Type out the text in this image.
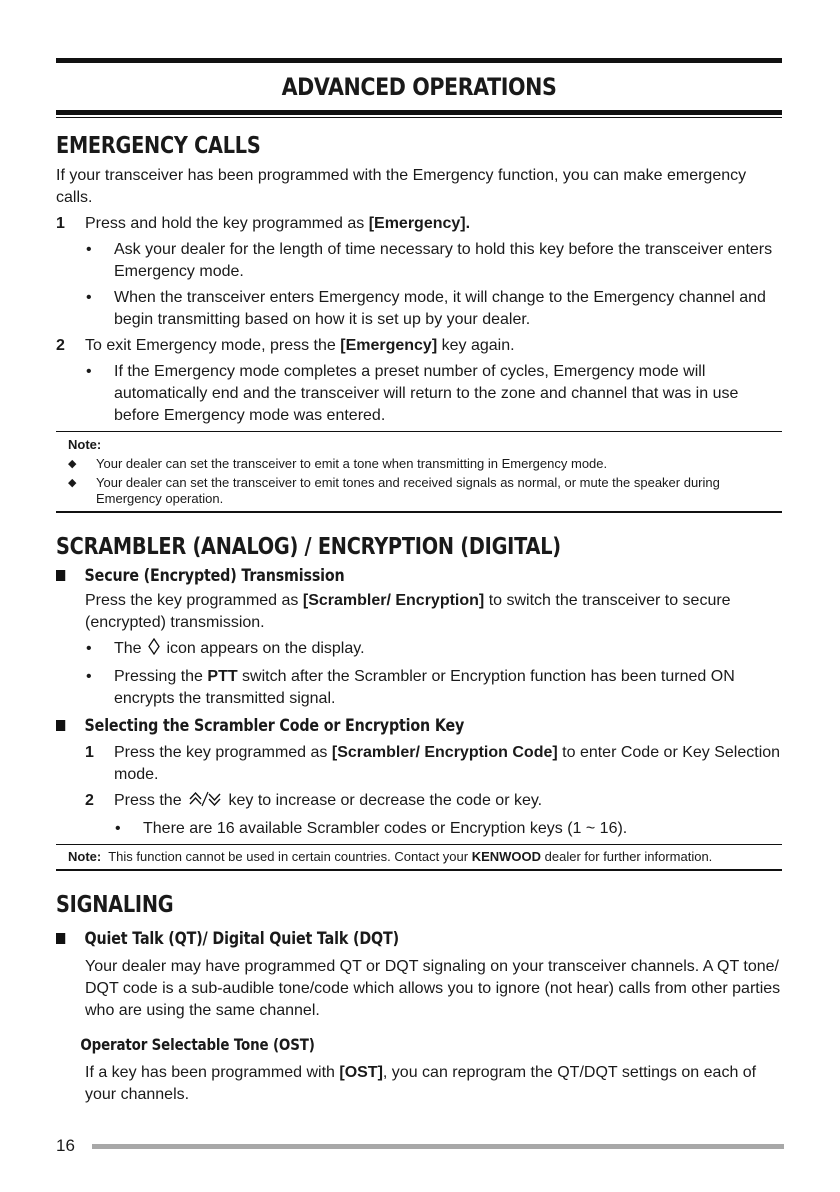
ADVANCED OPERATIONS
EMERGENCY CALLS

If your transceiver has been programmed with the Emergency function, you can make emergency calls.

1 Press and hold the key programmed as [Emergency].
• Ask your dealer for the length of time necessary to hold this key before the transceiver enters Emergency mode.
• When the transceiver enters Emergency mode, it will change to the Emergency channel and begin transmitting based on how it is set up by your dealer.
2 To exit Emergency mode, press the [Emergency] key again.
• If the Emergency mode completes a preset number of cycles, Emergency mode will automatically end and the transceiver will return to the zone and channel that was in use before Emergency mode was entered.
Note:
◆ Your dealer can set the transceiver to emit a tone when transmitting in Emergency mode.
◆ Your dealer can set the transceiver to emit tones and received signals as normal, or mute the speaker during Emergency operation.
SCRAMBLER (ANALOG) / ENCRYPTION (DIGITAL)
Secure (Encrypted) Transmission

Press the key programmed as [Scrambler/ Encryption] to switch the transceiver to secure (encrypted) transmission.

• The  icon appears on the display.
• Pressing the PTT switch after the Scrambler or Encryption function has been turned ON encrypts the transmitted signal.
Selecting the Scrambler Code or Encryption Key
1 Press the key programmed as [Scrambler/ Encryption Code] to enter Code or Key Selection mode.
2 Press the  key to increase or decrease the code or key.
• There are 16 available Scrambler codes or Encryption keys (1 ~ 16).
Note: This function cannot be used in certain countries. Contact your KENWOOD dealer for further information.
SIGNALING
Quiet Talk (QT)/ Digital Quiet Talk (DQT)

Your dealer may have programmed QT or DQT signaling on your transceiver channels. A QT tone/ DQT code is a sub-audible tone/code which allows you to ignore (not hear) calls from other parties who are using the same channel.

Operator Selectable Tone (OST)

If a key has been programmed with [OST], you can reprogram the QT/DQT settings on each of your channels.

16
